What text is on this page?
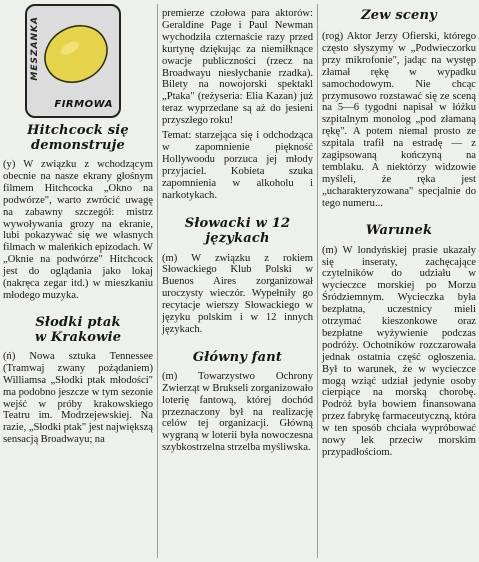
MESZANKA
FIRMOWA

Hitchcock się

demonstruje

(y) W związku z wchodzącym obecnie na nasze ekrany głośnym filmem Hitchcocka „Okno na podwórze", warto zwrócić uwagę na zabawny szczegół: mistrz wywoływania grozy na ekranie, lubi pokazywać się we własnych filmach w maleńkich epizodach. W „Oknie na podwórze" Hitchcock jest do oglądania jako lokaj (nakręca zegar itd.) w mieszkaniu młodego muzyka.

Słodki ptak

w Krakowie

(ń) Nowa sztuka Tennessee (Tramwaj zwany pożądaniem) Williamsa „Słodki ptak młodości" ma podobno jeszcze w tym sezonie wejść w próby krakowskiego Teatru im. Modrzejewskiej. Na razie, „Słodki ptak" jest największą sensacją Broadwayu; na

premierze czołowa para aktorów: Geraldine Page i Paul Newman wychodziła czternaście razy przed kurtynę dziękując za niemiłknące owacje publiczności (rzecz na Broadwayu niesłychanie rzadka). Bilety na nowojorski spektakl „Ptaka" (reżyseria: Elia Kazan) już teraz wyprzedane są aż do jesieni przyszłego roku!

Temat: starzejąca się i odchodząca w zapomnienie piękność Hollywoodu porzuca jej młody przyjaciel. Kobieta szuka zapomnienia w alkoholu i narkotykach.

Słowacki w 12

językach

(m) W związku z rokiem Słowackiego Klub Polski w Buenos Aires zorganizował uroczysty wieczór. Wypełniły go recytacje wierszy Słowackiego w języku polskim i w 12 innych językach.

Główny fant

(m) Towarzystwo Ochrony Zwierząt w Brukseli zorganizowało loterię fantową, której dochód przeznaczony był na realizację celów tej organizacji. Główną wygraną w loterii była nowoczesna szybkostrzelna strzelba myśliwska.

Zew sceny

(rog) Aktor Jerzy Ofierski, którego często słyszymy w „Podwieczorku przy mikrofonie", jadąc na występ złamał rękę w wypadku samochodowym. Nie chcąc przymusowo rozstawać się ze sceną na 5—6 tygodni napisał w łóżku szpitalnym monolog „pod złamaną rękę". A potem niemal prosto ze szpitala trafił na estradę — z zagipsowaną kończyną na temblaku. A niektórzy widzowie myśleli, że ręka jest „ucharakteryzowana" specjalnie do tego numeru...

Warunek

(m) W londyńskiej prasie ukazały się inseraty, zachęcające czytelników do udziału w wycieczce morskiej po Morzu Śródziemnym. Wycieczka była bezpłatna, uczestnicy mieli otrzymać kieszonkowe oraz bezpłatne wyżywienie podczas podróży. Ochotników rozczarowała jednak ostatnia część ogłoszenia. Był to warunek, że w wycieczce mogą wziąć udział jedynie osoby cierpiące na morską chorobę. Podróż była bowiem finansowana przez fabrykę farmaceutyczną, która w ten sposób chciała wypróbować nowy lek przeciw morskim przypadłościom.
